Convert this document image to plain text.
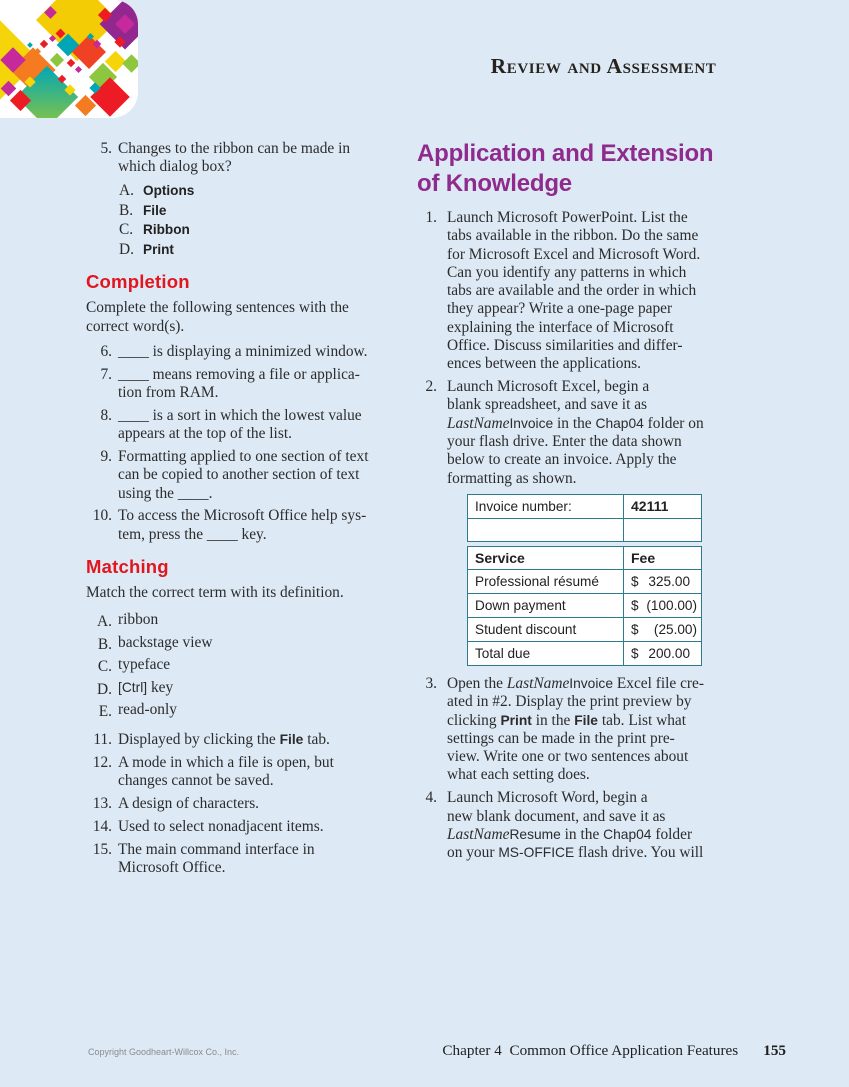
Review and Assessment
5. Changes to the ribbon can be made in
which dialog box?
A. Options
B. File
C. Ribbon
D. Print
Completion
Complete the following sentences with the
correct word(s).
6. ____ is displaying a minimized window.
7. ____ means removing a file or applica-
tion from RAM.
8. ____ is a sort in which the lowest value
appears at the top of the list.
9. Formatting applied to one section of text
can be copied to another section of text
using the ____.
10. To access the Microsoft Office help sys-
tem, press the ____ key.
Matching
Match the correct term with its definition.
A. ribbon
B. backstage view
C. typeface
D. [Ctrl] key
E. read-only
11. Displayed by clicking the File tab.
12. A mode in which a file is open, but
changes cannot be saved.
13. A design of characters.
14. Used to select nonadjacent items.
15. The main command interface in
Microsoft Office.
Application and Extension
of Knowledge
1. Launch Microsoft PowerPoint. List the
tabs available in the ribbon. Do the same
for Microsoft Excel and Microsoft Word.
Can you identify any patterns in which
tabs are available and the order in which
they appear? Write a one-page paper
explaining the interface of Microsoft
Office. Discuss similarities and differ-
ences between the applications.
2. Launch Microsoft Excel, begin a
blank spreadsheet, and save it as
LastNameInvoice in the Chap04 folder on
your flash drive. Enter the data shown
below to create an invoice. Apply the
formatting as shown.
Invoice number:	42111
Service	Fee
Professional résumé $ 325.00
Down payment	$ (100.00)
Student discount	$ (25.00)
Total due	$ 200.00
3. Open the LastNameInvoice Excel file cre-
ated in #2. Display the print preview by
clicking Print in the File tab. List what
settings can be made in the print pre-
view. Write one or two sentences about
what each setting does.
4. Launch Microsoft Word, begin a
new blank document, and save it as
LastNameResume in the Chap04 folder
on your MS-OFFICE flash drive. You will
Copyright Goodheart-Willcox Co., Inc.	Chapter 4  Common Office Application Features 155
